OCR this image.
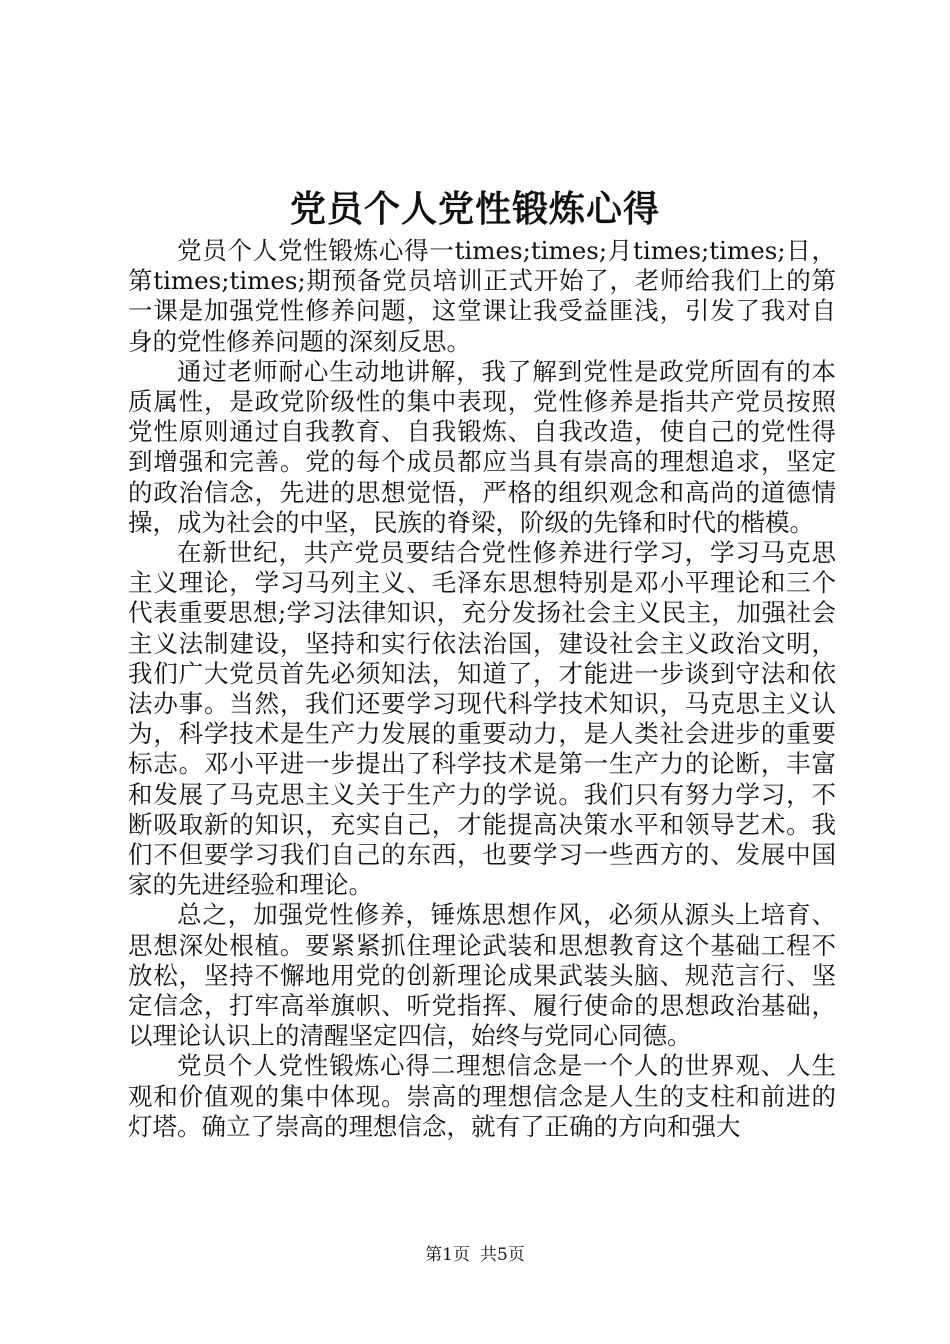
党员个人党性锻炼心得

党员个人党性锻炼心得一times;times;月times;times;日，第times;times;期预备党员培训正式开始了，老师给我们上的第一课是加强党性修养问题，这堂课让我受益匪浅，引发了我对自身的党性修养问题的深刻反思。

通过老师耐心生动地讲解，我了解到党性是政党所固有的本质属性，是政党阶级性的集中表现，党性修养是指共产党员按照党性原则通过自我教育、自我锻炼、自我改造，使自己的党性得到增强和完善。党的每个成员都应当具有崇高的理想追求，坚定的政治信念，先进的思想觉悟，严格的组织观念和高尚的道德情操，成为社会的中坚，民族的脊梁，阶级的先锋和时代的楷模。

在新世纪，共产党员要结合党性修养进行学习，学习马克思主义理论，学习马列主义、毛泽东思想特别是邓小平理论和三个代表重要思想;学习法律知识，充分发扬社会主义民主，加强社会主义法制建设，坚持和实行依法治国，建设社会主义政治文明，我们广大党员首先必须知法，知道了，才能进一步谈到守法和依法办事。当然，我们还要学习现代科学技术知识，马克思主义认为，科学技术是生产力发展的重要动力，是人类社会进步的重要标志。邓小平进一步提出了科学技术是第一生产力的论断，丰富和发展了马克思主义关于生产力的学说。我们只有努力学习，不断吸取新的知识，充实自己，才能提高决策水平和领导艺术。我们不但要学习我们自己的东西，也要学习一些西方的、发展中国家的先进经验和理论。

总之，加强党性修养，锤炼思想作风，必须从源头上培育、思想深处根植。要紧紧抓住理论武装和思想教育这个基础工程不放松，坚持不懈地用党的创新理论成果武装头脑、规范言行、坚定信念，打牢高举旗帜、听党指挥、履行使命的思想政治基础，以理论认识上的清醒坚定四信，始终与党同心同德。

党员个人党性锻炼心得二理想信念是一个人的世界观、人生观和价值观的集中体现。崇高的理想信念是人生的支柱和前进的灯塔。确立了崇高的理想信念，就有了正确的方向和强大

第1页 共5页
